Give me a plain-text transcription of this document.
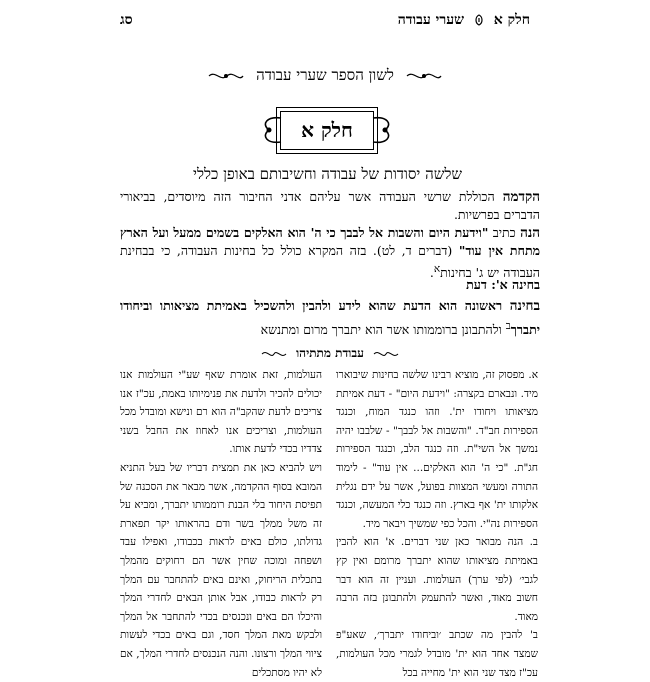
סג	חלק א  שערי עבודה
לשון הספר שערי עבודה
חלק א
שלשה יסודות של עבודה וחשיבותם באופן כללי
הקדמה הכוללת שרשי העבודה אשר עליהם אדני החיבור הזה מיוסדים, בביאורי הדברים בפרשיות.
הנה כתיב "וידעת היום והשבות אל לבבך כי ה' הוא האלקים בשמים ממעל ועל הארץ מתחת אין עוד" (דברים ד, לט). בזה המקרא כולל כל בחינות העבודה, כי בבחינת העבודה יש ג' בחינות$^א$.
בחינה א': דעת
בחינה ראשונה הוא הדעת שהוא לידע ולהבין ולהשכיל באמיתת מציאותו וביחודו יתברך$^ב$ ולהתבונן ברוממותו אשר הוא יתברך מרום ומתנשא
עבודת מתתיהו

א. מפסוק זה, מוציא רבינו שלשה בחינות שיבוארו מיד. ונבארם בקצרה: "וידעת היום" - דעת אמיתת מציאותו ויחודו ית'. וזהו כנגד המוח, וכנגד הספירות חב"ד. "והשבות אל לבבך" - שלבבו יהיה נמשך אל השי"ת. וזה כנגד הלב, וכנגד הספירות חג"ת. "כי ה' הוא האלקים... אין עוד" - לימוד התורה ומעשי המצוות בפועל, אשר על ידם נגלית אלקותו ית' אף בארץ. וזה כנגד כלי המעשה, וכנגד הספירות נה"י. והכל כפי שמשיך ויבאר מיד.

ב. הנה מבואר כאן שני דברים. א' הוא להבין באמיתת מציאותו שהוא יתברך מרומם ואין קץ לגבי׳ (לפי ערך) העולמות. ועניין זה הוא דבר חשוב מאוד, ואשר להתעמק ולהתבונן בזה הרבה מאוד.

ב' להבין מה שכתב ׳וביחודו יתברך׳, שאע"פ שמצד אחד הוא ית' מובדל לגמרי מכל העולמות, עכ"ז מצד שני הוא ית' מחייה בכל

העולמות, זאת אומרת שאף שע"י העולמות אנו יכולים להכיר ולדעת את פנימיותו באמת, עכ"ז אנו צריכים לדעת שהקב"ה הוא רם ונישא ומובדל מכל העולמות, וצריכים אנו לאחוז את החבל בשני צדדיו בכדי לדעת אותו.

ויש להביא כאן את תמצית דבריו של בעל התניא המובא בסוף ההקדמה, אשר מבאר את הסכנה של תפיסת היחוד בלי הבנת רוממותו יתברך, ומביא על זה משל ממלך בשר ודם בהראותו יקר תפארת גדולתו, כולם באים לראות בכבודו, ואפילו עבד ושפחה ומוכה שחין אשר הם רחוקים מהמלך בתכלית הריחוק, ואינם באים להתחבר עם המלך רק לראות כבודו, אבל אותן הבאים לחדרי המלך והיכלו הם באים ונכנסים בכדי להתחבר אל המלך ולבקש מאת המלך חסד, וגם באים בכדי לעשות ציווי המלך ורצונו. והנה הנכנסים לחדרי המלך, אם לא יהיו מסתכלים
